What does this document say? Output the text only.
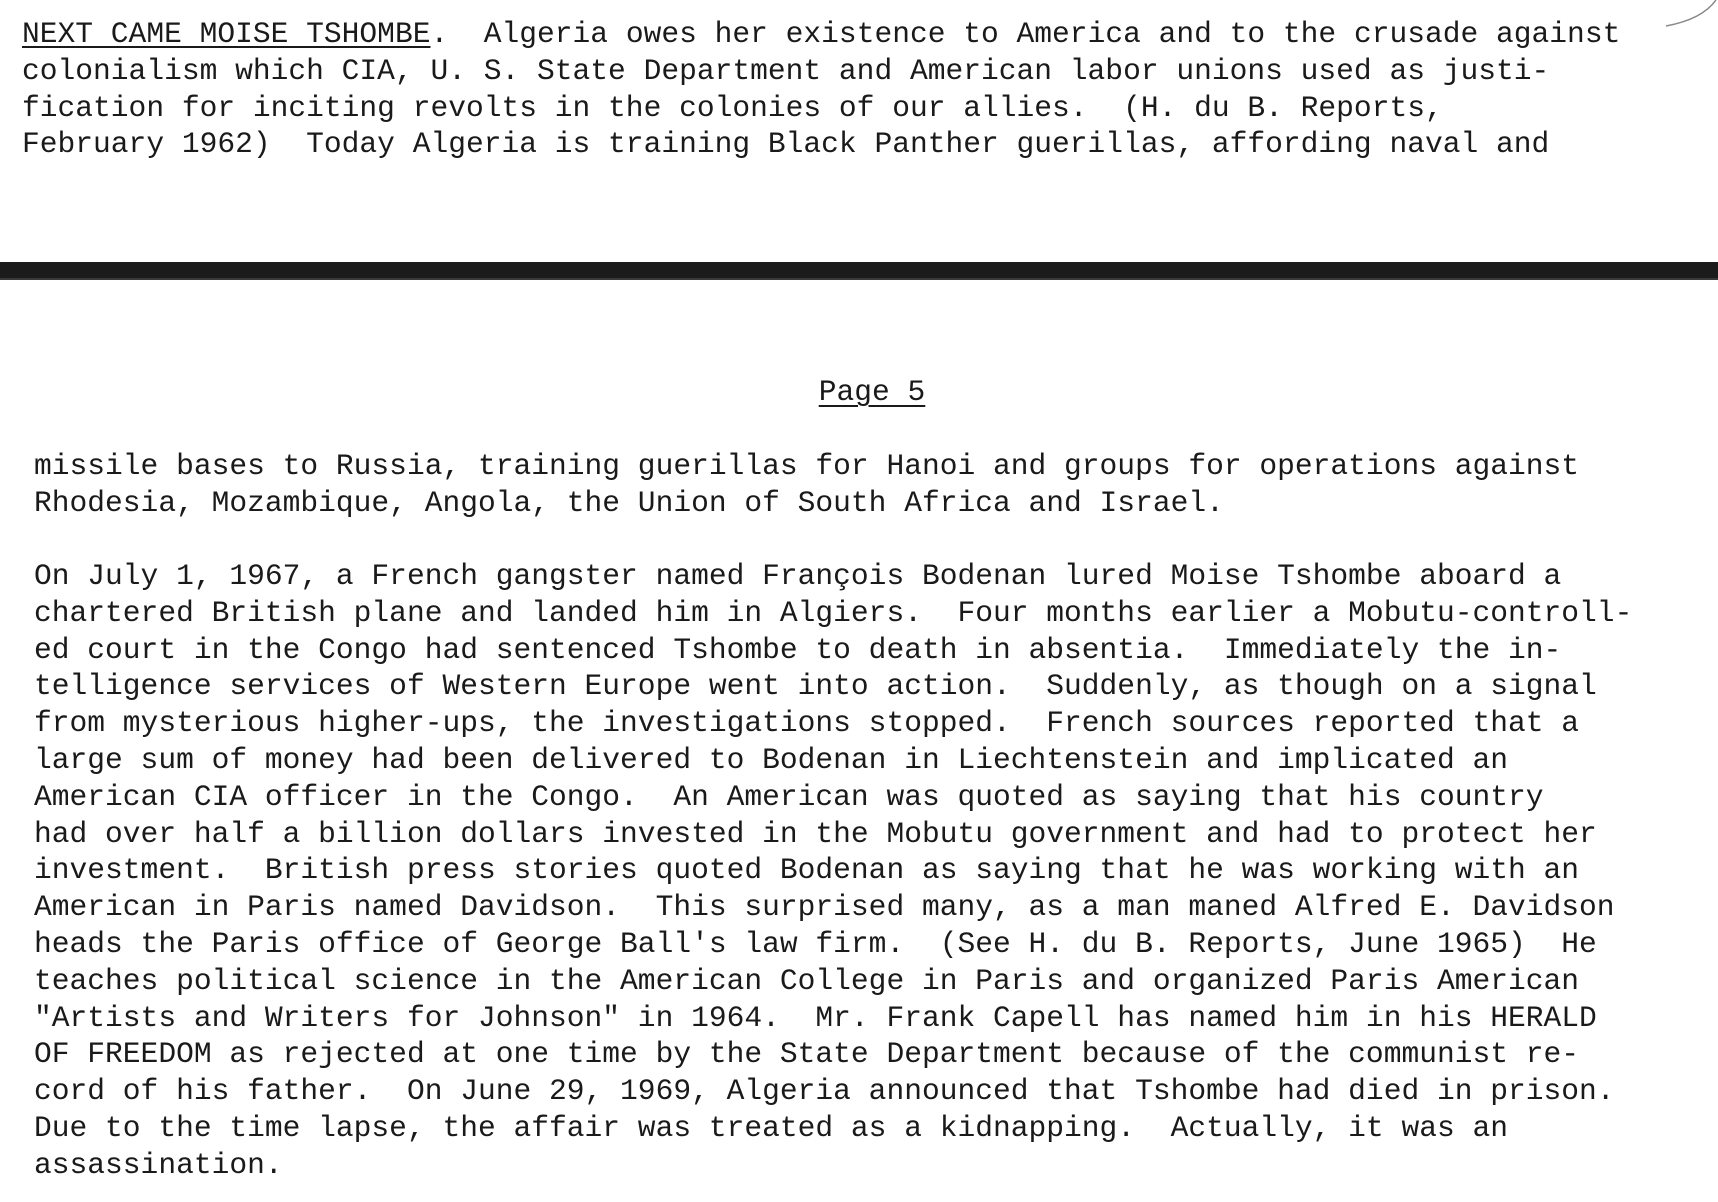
NEXT CAME MOISE TSHOMBE.  Algeria owes her existence to America and to the crusade against
colonialism which CIA, U. S. State Department and American labor unions used as justi-
fication for inciting revolts in the colonies of our allies.  (H. du B. Reports,
February 1962)  Today Algeria is training Black Panther guerillas, affording naval and
Page 5
missile bases to Russia, training guerillas for Hanoi and groups for operations against
Rhodesia, Mozambique, Angola, the Union of South Africa and Israel.
On July 1, 1967, a French gangster named François Bodenan lured Moise Tshombe aboard a
chartered British plane and landed him in Algiers.  Four months earlier a Mobutu-controll-
ed court in the Congo had sentenced Tshombe to death in absentia.  Immediately the in-
telligence services of Western Europe went into action.  Suddenly, as though on a signal
from mysterious higher-ups, the investigations stopped.  French sources reported that a
large sum of money had been delivered to Bodenan in Liechtenstein and implicated an
American CIA officer in the Congo.  An American was quoted as saying that his country
had over half a billion dollars invested in the Mobutu government and had to protect her
investment.  British press stories quoted Bodenan as saying that he was working with an
American in Paris named Davidson.  This surprised many, as a man maned Alfred E. Davidson
heads the Paris office of George Ball's law firm.  (See H. du B. Reports, June 1965)  He
teaches political science in the American College in Paris and organized Paris American
"Artists and Writers for Johnson" in 1964.  Mr. Frank Capell has named him in his HERALD
OF FREEDOM as rejected at one time by the State Department because of the communist re-
cord of his father.  On June 29, 1969, Algeria announced that Tshombe had died in prison.
Due to the time lapse, the affair was treated as a kidnapping.  Actually, it was an
assassination.
